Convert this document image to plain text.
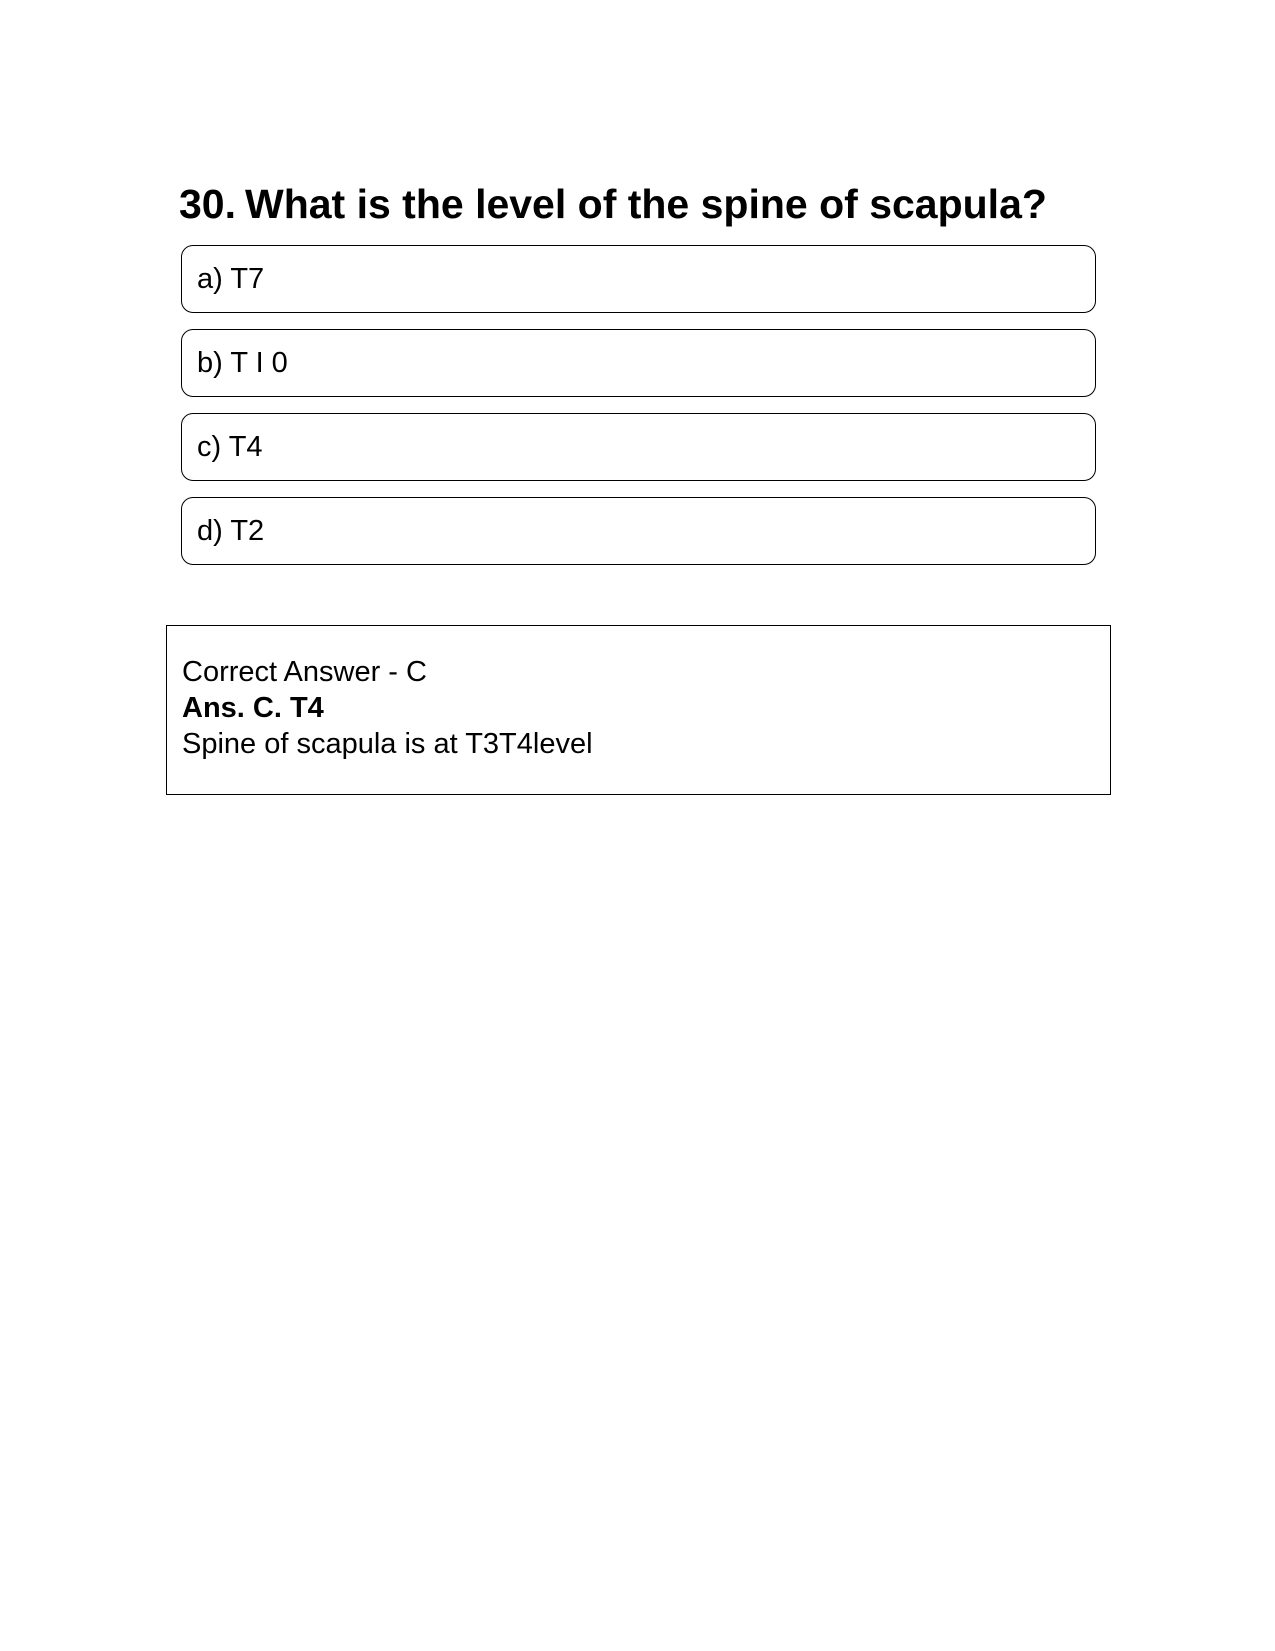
30. What is the level of the spine of scapula?
a) T7
b) T I 0
c) T4
d) T2
Correct Answer - C
Ans. C. T4
Spine of scapula is at T3T4level
